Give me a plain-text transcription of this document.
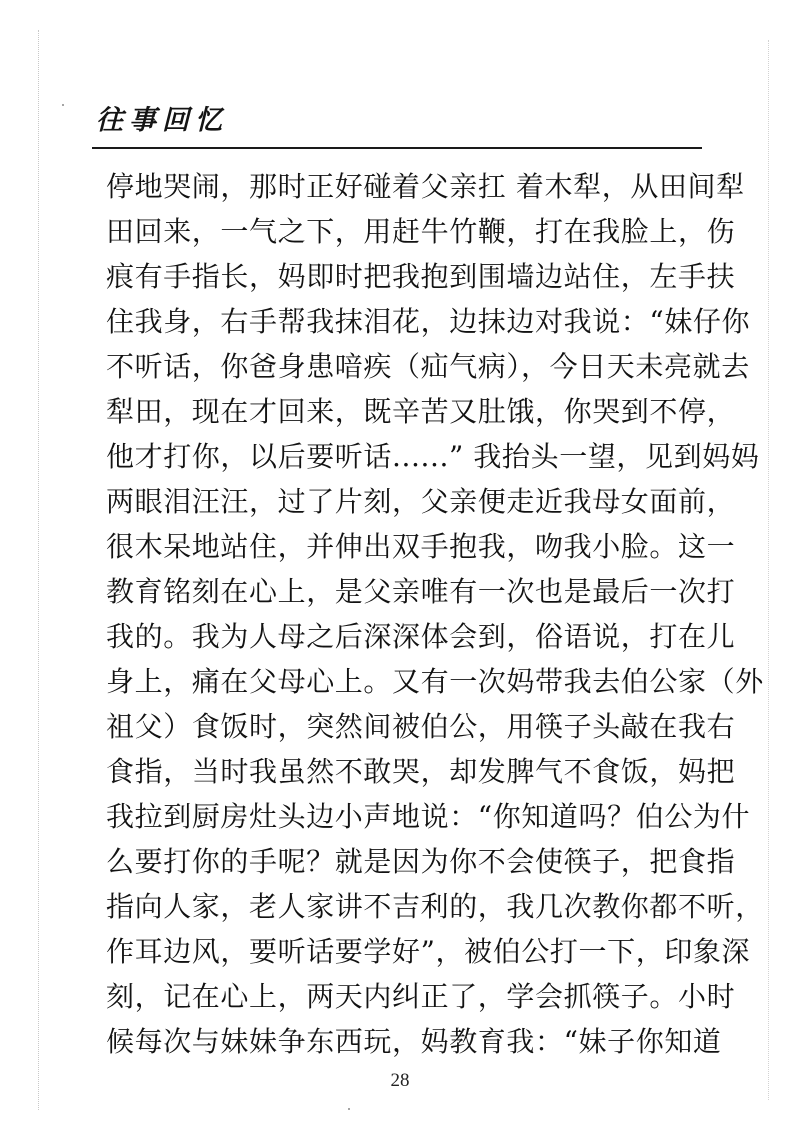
往事回忆
停地哭闹，那时正好碰着父亲扛 着木犁，从田间犁
田回来，一气之下，用赶牛竹鞭，打在我脸上，伤
痕有手指长，妈即时把我抱到围墙边站住，左手扶
住我身，右手帮我抹泪花，边抹边对我说：“妹仔你
不听话，你爸身患喑疾（疝气病），今日天未亮就去
犁田，现在才回来，既辛苦又肚饿，你哭到不停，
他才打你，以后要听话......” 我抬头一望，见到妈妈
两眼泪汪汪，过了片刻，父亲便走近我母女面前，
很木呆地站住，并伸出双手抱我，吻我小脸。这一
教育铭刻在心上，是父亲唯有一次也是最后一次打
我的。我为人母之后深深体会到，俗语说，打在儿
身上，痛在父母心上。又有一次妈带我去伯公家（外
祖父）食饭时，突然间被伯公，用筷子头敲在我右
食指，当时我虽然不敢哭，却发脾气不食饭，妈把
我拉到厨房灶头边小声地说：“你知道吗？伯公为什
么要打你的手呢？就是因为你不会使筷子，把食指
指向人家，老人家讲不吉利的，我几次教你都不听，
作耳边风，要听话要学好”，被伯公打一下，印象深
刻，记在心上，两天内纠正了，学会抓筷子。小时
候每次与妹妹争东西玩，妈教育我：“妹子你知道
28
